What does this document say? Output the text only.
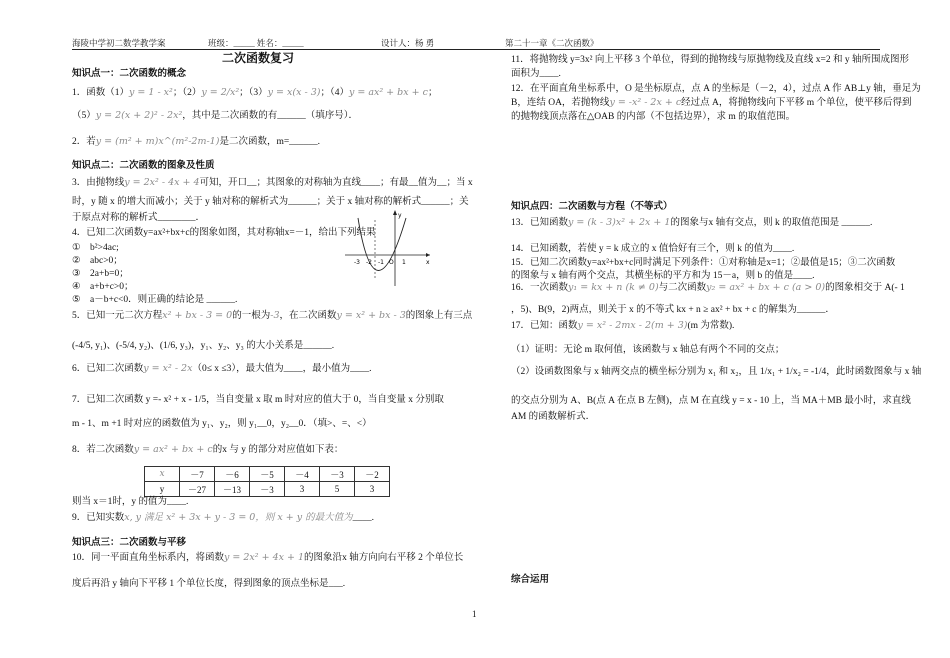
海陵中学初二数学教学案	班级：_____ 姓名：_____	设计人：杨 勇	第二十一章《二次函数》
二次函数复习
知识点一：二次函数的概念
1．函数（1）y = 1 - x²；（2）y = 2/x²；（3）y = x(x - 3)；（4）y = ax² + bx + c；
（5）y = 2(x + 2)² - 2x²，其中是二次函数的有______（填序号）．
2．若y = (m² + m)x^(m²-2m-1)是二次函数，m=______.
知识点二：二次函数的图象及性质
3．由抛物线y = 2x² - 4x + 4可知，开口__；其图象的对称轴为直线____；有最__值为__；当 x
时，y 随 x 的增大而减小；关于 y 轴对称的解析式为______；关于 x 轴对称的解析式______；关
于原点对称的解析式________．
4．已知二次函数y=ax²+bx+c的图象如图，其对称轴x=－1，给出下列结果
①　b²>4ac;
②　abc>0；
③　2a+b=0；
④　a+b+c>0；
⑤　a－b+c<0．则正确的结论是 ______.
5．已知一元二次方程x² + bx - 3 = 0的一根为-3，在二次函数y = x² + bx - 3的图象上有三点
(-4/5, y₁)、(-5/4, y₂)、(1/6, y₃)，y₁、y₂、y₃ 的大小关系是______.
6．已知二次函数y = x² - 2x（0≤ x ≤3），最大值为____，最小值为____.
7．已知二次函数 y =- x² + x - 1/5，当自变量 x 取 m 时对应的值大于 0，当自变量 x 分别取
m - 1、m +1 时对应的函数值为 y₁、y₂，则 y₁__0，y₂__0．（填>、=、<）
8．若二次函数y = ax² + bx + c的x 与 y 的部分对应值如下表：
x	－7	－6	－5	－4	－3	－2
y	－27	－13	－3	3	5	3
则当 x＝1时，y 的值为____.
9．已知实数x, y 满足 x² + 3x + y - 3 = 0，则 x + y 的最大值为____.
知识点三：二次函数与平移
10．同一平面直角坐标系内，将函数y = 2x² + 4x + 1的图象沿x 轴方向向右平移 2 个单位长
度后再沿 y 轴向下平移 1 个单位长度，得到图象的顶点坐标是___.
-3 -2 -1 O 1	x
y
11．将抛物线 y=3x² 向上平移 3 个单位，得到的抛物线与原抛物线及直线 x=2 和 y 轴所围成图形
面积为____.
12．在平面直角坐标系中，O 是坐标原点，点 A 的坐标是（－2，4），过点 A 作 AB⊥y 轴，垂足为
B，连结 OA，若抛物线y = -x² - 2x + c经过点 A，将抛物线向下平移 m 个单位，使平移后得到
的抛物线顶点落在△OAB 的内部（不包括边界），求 m 的取值范围。
知识点四：二次函数与方程（不等式）
13．已知函数y = (k - 3)x² + 2x + 1的图象与x 轴有交点，则 k 的取值范围是 ______.
14．已知函数，若使 y = k 成立的 x 值恰好有三个，则 k 的值为____.
15．已知二次函数y=ax²+bx+c同时满足下列条件：①对称轴是x=1；②最值是15；③二次函数
的图象与 x 轴有两个交点，其横坐标的平方和为 15－a，则 b 的值是____.
16．一次函数y₁ = kx + n (k ≠ 0)与二次函数y₂ = ax² + bx + c (a > 0)的图象相交于 A(- 1
，5)、B(9，2)两点，则关于 x 的不等式 kx + n ≥ ax² + bx + c 的解集为______．
17．已知：函数y = x² - 2mx - 2(m + 3)(m 为常数).
（1）证明：无论 m 取何值，该函数与 x 轴总有两个不同的交点；
（2）设函数图象与 x 轴两交点的横坐标分别为 x₁ 和 x₂，且 1/x₁ + 1/x₂ = -1/4，此时函数图象与 x 轴
的交点分别为 A、B(点 A 在点 B 左侧)，点 M 在直线 y = x - 10 上，当 MA＋MB 最小时，求直线
AM 的函数解析式．
综合运用
1
